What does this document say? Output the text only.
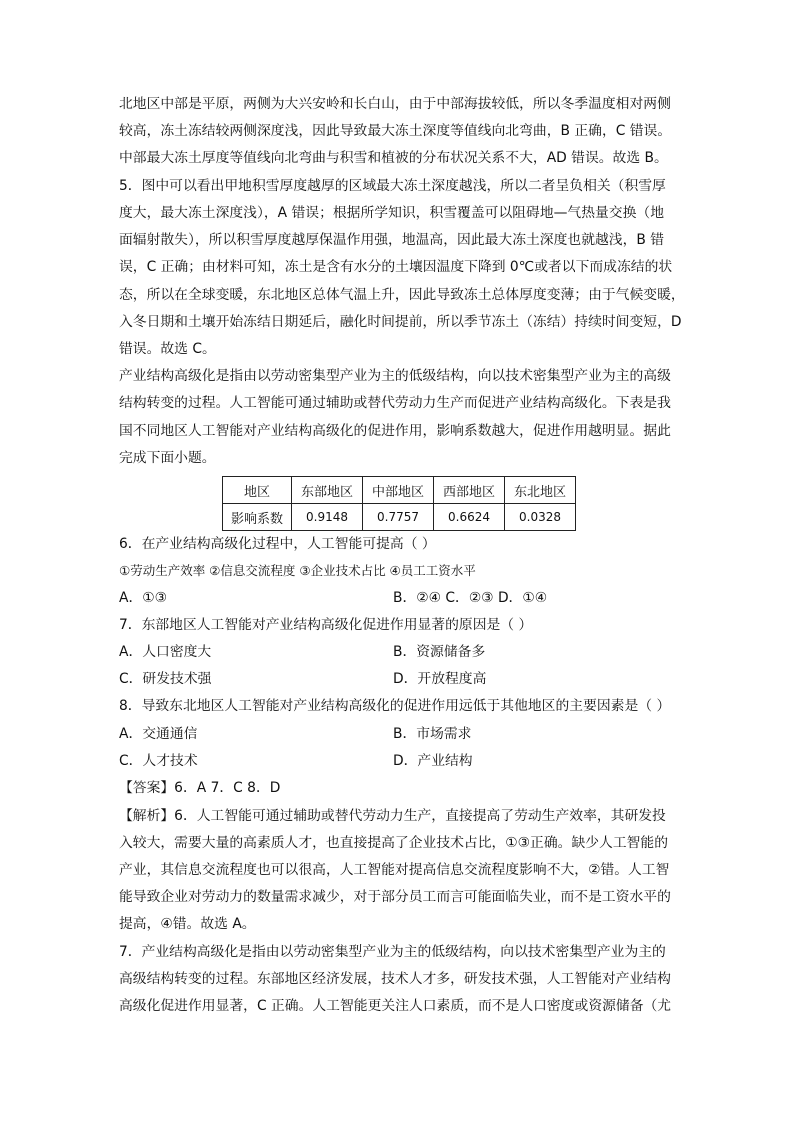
北地区中部是平原，两侧为大兴安岭和长白山，由于中部海拔较低，所以冬季温度相对两侧
较高，冻土冻结较两侧深度浅，因此导致最大冻土深度等值线向北弯曲，B 正确，C 错误。
中部最大冻土厚度等值线向北弯曲与积雪和植被的分布状况关系不大，AD 错误。故选 B。
5．图中可以看出甲地积雪厚度越厚的区域最大冻土深度越浅，所以二者呈负相关（积雪厚
度大，最大冻土深度浅），A 错误；根据所学知识，积雪覆盖可以阻碍地—气热量交换（地
面辐射散失），所以积雪厚度越厚保温作用强，地温高，因此最大冻土深度也就越浅，B 错
误，C 正确；由材料可知，冻土是含有水分的土壤因温度下降到 0℃或者以下而成冻结的状
态，所以在全球变暖，东北地区总体气温上升，因此导致冻土总体厚度变薄；由于气候变暖，
入冬日期和土壤开始冻结日期延后，融化时间提前，所以季节冻土（冻结）持续时间变短，D
错误。故选 C。
产业结构高级化是指由以劳动密集型产业为主的低级结构，向以技术密集型产业为主的高级
结构转变的过程。人工智能可通过辅助或替代劳动力生产而促进产业结构高级化。下表是我
国不同地区人工智能对产业结构高级化的促进作用，影响系数越大，促进作用越明显。据此
完成下面小题。
地区	东部地区	中部地区	西部地区	东北地区
影响系数	0.9148	0.7757	0.6624	0.0328
6．在产业结构高级化过程中，人工智能可提高（ ）
①劳动生产效率 ②信息交流程度 ③企业技术占比 ④员工工资水平
A．①③	B．②④ C．②③ D．①④
7．东部地区人工智能对产业结构高级化促进作用显著的原因是（ ）
A．人口密度大	B．资源储备多
C．研发技术强	D．开放程度高
8．导致东北地区人工智能对产业结构高级化的促进作用远低于其他地区的主要因素是（ ）
A．交通通信	B．市场需求
C．人才技术	D．产业结构
【答案】6．A 7．C 8．D
【解析】6．人工智能可通过辅助或替代劳动力生产，直接提高了劳动生产效率，其研发投
入较大，需要大量的高素质人才，也直接提高了企业技术占比，①③正确。缺少人工智能的
产业，其信息交流程度也可以很高，人工智能对提高信息交流程度影响不大，②错。人工智
能导致企业对劳动力的数量需求减少，对于部分员工而言可能面临失业，而不是工资水平的
提高，④错。故选 A。
7．产业结构高级化是指由以劳动密集型产业为主的低级结构，向以技术密集型产业为主的
高级结构转变的过程。东部地区经济发展，技术人才多，研发技术强，人工智能对产业结构
高级化促进作用显著，C 正确。人工智能更关注人口素质，而不是人口密度或资源储备（尤
